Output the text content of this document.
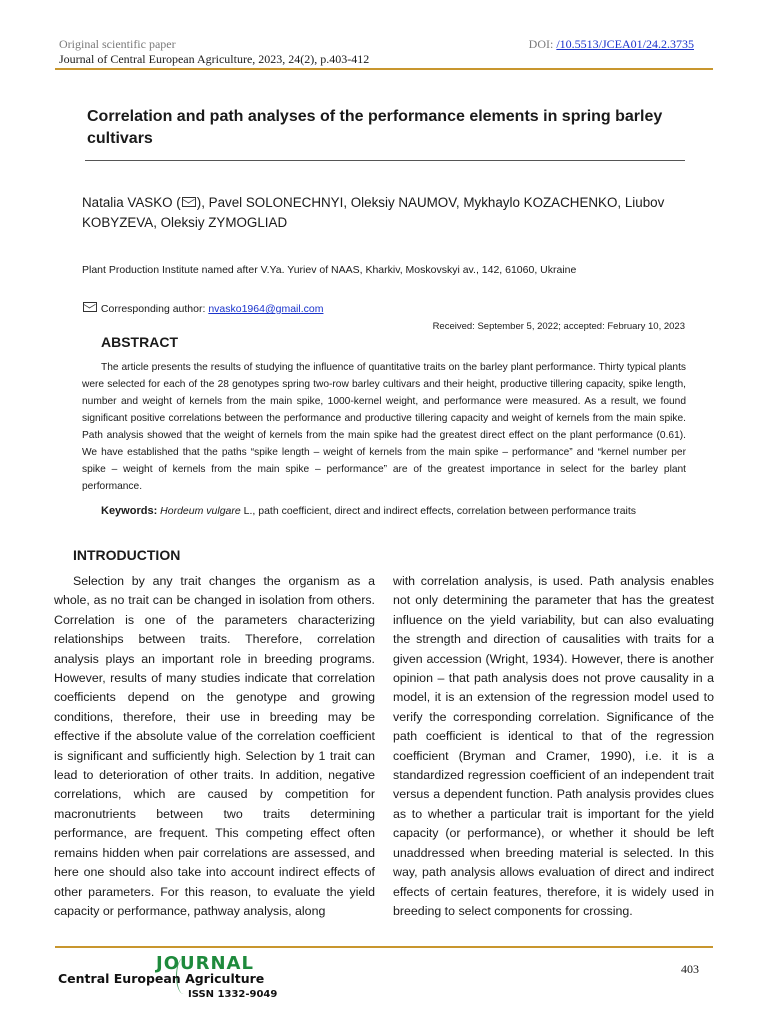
Original scientific paper
Journal of Central European Agriculture, 2023, 24(2), p.403-412
DOI: /10.5513/JCEA01/24.2.3735
Correlation and path analyses of the performance elements in spring barley cultivars
Natalia VASKO ( ), Pavel SOLONECHNYI, Oleksiy NAUMOV, Mykhaylo KOZACHENKO, Liubov KOBYZEVA, Oleksiy ZYMOGLIAD
Plant Production Institute named after V.Ya. Yuriev of NAAS, Kharkiv, Moskovskyi av., 142, 61060, Ukraine
Corresponding author: nvasko1964@gmail.com
Received: September 5, 2022; accepted: February 10, 2023
ABSTRACT
The article presents the results of studying the influence of quantitative traits on the barley plant performance. Thirty typical plants were selected for each of the 28 genotypes spring two-row barley cultivars and their height, productive tillering capacity, spike length, number and weight of kernels from the main spike, 1000-kernel weight, and performance were measured. As a result, we found significant positive correlations between the performance and productive tillering capacity and weight of kernels from the main spike. Path analysis showed that the weight of kernels from the main spike had the greatest direct effect on the plant performance (0.61). We have established that the paths “spike length – weight of kernels from the main spike – performance” and “kernel number per spike – weight of kernels from the main spike – performance” are of the greatest importance in select for the barley plant performance.
Keywords: Hordeum vulgare L., path coefficient, direct and indirect effects, correlation between performance traits
INTRODUCTION
Selection by any trait changes the organism as a whole, as no trait can be changed in isolation from others. Correlation is one of the parameters characterizing relationships between traits. Therefore, correlation analysis plays an important role in breeding programs. However, results of many studies indicate that correlation coefficients depend on the genotype and growing conditions, therefore, their use in breeding may be effective if the absolute value of the correlation coefficient is significant and sufficiently high. Selection by 1 trait can lead to deterioration of other traits. In addition, negative correlations, which are caused by competition for macronutrients between two traits determining performance, are frequent. This competing effect often remains hidden when pair correlations are assessed, and here one should also take into account indirect effects of other parameters. For this reason, to evaluate the yield capacity or performance, pathway analysis, along
with correlation analysis, is used. Path analysis enables not only determining the parameter that has the greatest influence on the yield variability, but can also evaluating the strength and direction of causalities with traits for a given accession (Wright, 1934). However, there is another opinion – that path analysis does not prove causality in a model, it is an extension of the regression model used to verify the corresponding correlation. Significance of the path coefficient is identical to that of the regression coefficient (Bryman and Cramer, 1990), i.e. it is a standardized regression coefficient of an independent trait versus a dependent function. Path analysis provides clues as to whether a particular trait is important for the yield capacity (or performance), or whether it should be left unaddressed when breeding material is selected. In this way, path analysis allows evaluation of direct and indirect effects of certain features, therefore, it is widely used in breeding to select components for crossing.
JOURNAL
Central European Agriculture
ISSN 1332-9049
403
